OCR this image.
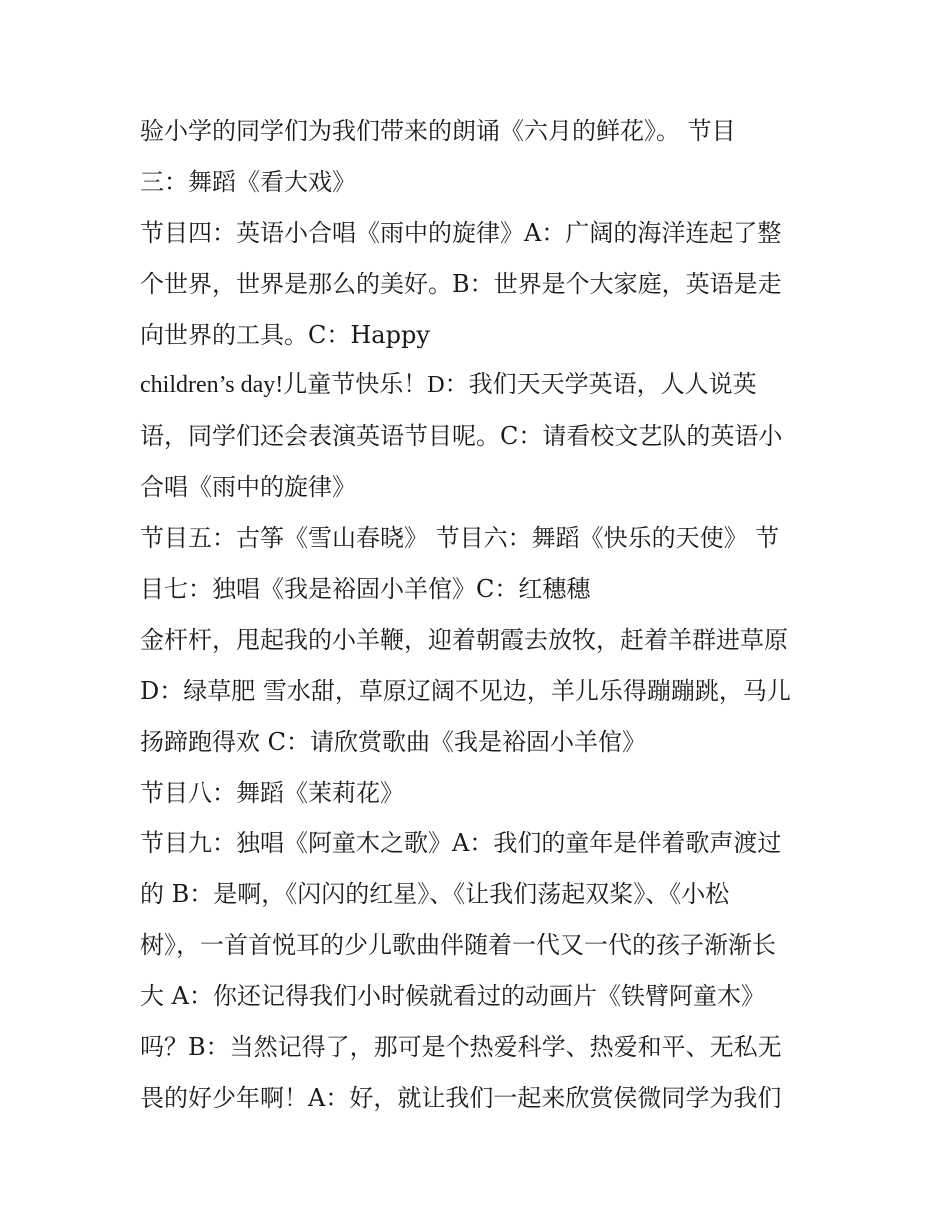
验小学的同学们为我们带来的朗诵《六月的鲜花》。 节目
三：舞蹈《看大戏》
节目四：英语小合唱《雨中的旋律》A：广阔的海洋连起了整
个世界，世界是那么的美好。B：世界是个大家庭，英语是走
向世界的工具。C：Happy
children’s day!儿童节快乐！D：我们天天学英语，人人说英
语，同学们还会表演英语节目呢。C：请看校文艺队的英语小
合唱《雨中的旋律》
节目五：古筝《雪山春晓》 节目六：舞蹈《快乐的天使》 节
目七：独唱《我是裕固小羊倌》C：红穗穗
金杆杆，甩起我的小羊鞭，迎着朝霞去放牧，赶着羊群进草原
D：绿草肥 雪水甜，草原辽阔不见边，羊儿乐得蹦蹦跳，马儿
扬蹄跑得欢 C：请欣赏歌曲《我是裕固小羊倌》
节目八：舞蹈《茉莉花》
节目九：独唱《阿童木之歌》A：我们的童年是伴着歌声渡过
的 B：是啊，《闪闪的红星》、《让我们荡起双桨》、《小松
树》，一首首悦耳的少儿歌曲伴随着一代又一代的孩子渐渐长
大 A：你还记得我们小时候就看过的动画片《铁臂阿童木》
吗？B：当然记得了，那可是个热爱科学、热爱和平、无私无
畏的好少年啊！A：好，就让我们一起来欣赏侯微同学为我们
